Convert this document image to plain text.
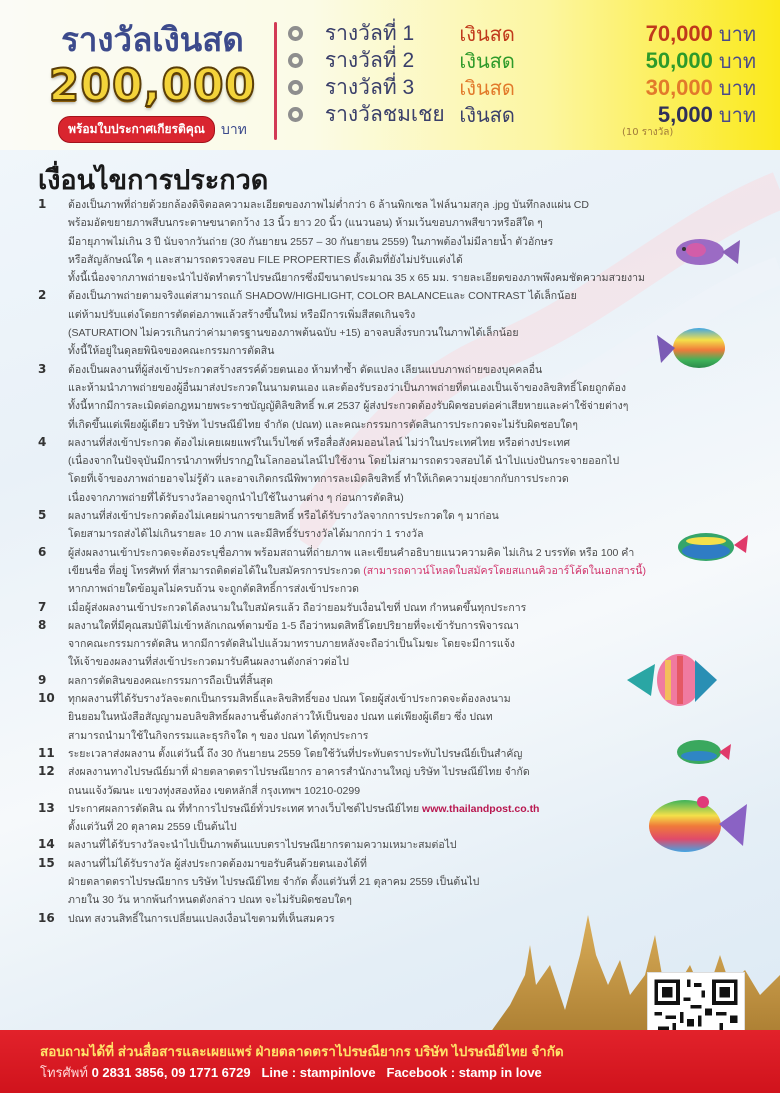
รางวัลเงินสด
200,000
พร้อมใบประกาศเกียรติคุณ	บาท
รางวัลที่ 1	เงินสด	70,000 บาท
รางวัลที่ 2	เงินสด	50,000 บาท
รางวัลที่ 3	เงินสด	30,000 บาท
รางวัลชมเชย เงินสด	5,000 บาท
(10 รางวัล)
เงื่อนไขการประกวด
1	ต้องเป็นภาพที่ถ่ายด้วยกล้องดิจิตอลความละเอียดของภาพไม่ต่ำกว่า 6 ล้านพิกเซล ไฟล์นามสกุล .jpg บันทึกลงแผ่น CD
พร้อมอัดขยายภาพสีบนกระดาษขนาดกว้าง 13 นิ้ว ยาว 20 นิ้ว (แนวนอน) ห้ามเว้นขอบภาพสีขาวหรือสีใด ๆ
มีอายุภาพไม่เกิน 3 ปี นับจากวันถ่าย (30 กันยายน 2557 – 30 กันยายน 2559) ในภาพต้องไม่มีลายน้ำ ตัวอักษร
หรือสัญลักษณ์ใด ๆ และสามารถตรวจสอบ FILE PROPERTIES ดั้งเดิมที่ยังไม่ปรับแต่งได้
ทั้งนี้เนื่องจากภาพถ่ายจะนำไปจัดทำตราไปรษณียากรซึ่งมีขนาดประมาณ 35 x 65 มม. รายละเอียดของภาพพึงคมชัดความสวยงาม
2	ต้องเป็นภาพถ่ายตามจริงแต่สามารถแก้ SHADOW/HIGHLIGHT, COLOR BALANCEและ CONTRAST ได้เล็กน้อย
แต่ห้ามปรับแต่งโดยการตัดต่อภาพแล้วสร้างขึ้นใหม่ หรือมีการเพิ่มสีสดเกินจริง
(SATURATION ไม่ควรเกินกว่าค่ามาตรฐานของภาพต้นฉบับ +15) อาจลบสิ่งรบกวนในภาพได้เล็กน้อย
ทั้งนี้ให้อยู่ในดุลยพินิจของคณะกรรมการตัดสิน
3	ต้องเป็นผลงานที่ผู้ส่งเข้าประกวดสร้างสรรค์ด้วยตนเอง ห้ามทำซ้ำ ดัดแปลง เลียนแบบภาพถ่ายของบุคคลอื่น
และห้ามนำภาพถ่ายของผู้อื่นมาส่งประกวดในนามตนเอง และต้องรับรองว่าเป็นภาพถ่ายที่ตนเองเป็นเจ้าของลิขสิทธิ์โดยถูกต้อง
ทั้งนี้หากมีการละเมิดต่อกฎหมายพระราชบัญญัติลิขสิทธิ์ พ.ศ 2537 ผู้ส่งประกวดต้องรับผิดชอบต่อค่าเสียหายและค่าใช้จ่ายต่างๆ
ที่เกิดขึ้นแต่เพียงผู้เดียว บริษัท ไปรษณีย์ไทย จำกัด (ปณท) และคณะกรรมการตัดสินการประกวดจะไม่รับผิดชอบใดๆ
4	ผลงานที่ส่งเข้าประกวด ต้องไม่เคยเผยแพร่ในเว็บไซต์ หรือสื่อสังคมออนไลน์ ไม่ว่าในประเทศไทย หรือต่างประเทศ
(เนื่องจากในปัจจุบันมีการนำภาพที่ปรากฏในโลกออนไลน์ไปใช้งาน โดยไม่สามารถตรวจสอบได้ นำไปแบ่งปันกระจายออกไป
โดยที่เจ้าของภาพถ่ายอาจไม่รู้ตัว และอาจเกิดกรณีพิพาทการละเมิดลิขสิทธิ์ ทำให้เกิดความยุ่งยากกับการประกวด
เนื่องจากภาพถ่ายที่ได้รับรางวัลอาจถูกนำไปใช้ในงานต่าง ๆ ก่อนการตัดสิน)
5	ผลงานที่ส่งเข้าประกวดต้องไม่เคยผ่านการขายสิทธิ์ หรือได้รับรางวัลจากการประกวดใด ๆ มาก่อน
โดยสามารถส่งได้ไม่เกินรายละ 10 ภาพ และมีสิทธิ์รับรางวัลได้มากกว่า 1 รางวัล
6	ผู้ส่งผลงานเข้าประกวดจะต้องระบุชื่อภาพ พร้อมสถานที่ถ่ายภาพ และเขียนคำอธิบายแนวความคิด ไม่เกิน 2 บรรทัด หรือ 100 คำ
เขียนชื่อ ที่อยู่ โทรศัพท์ ที่สามารถติดต่อได้ในใบสมัครการประกวด (สามารถดาวน์โหลดใบสมัครโดยสแกนคิวอาร์โค้ดในเอกสารนี้)
หากภาพถ่ายใดข้อมูลไม่ครบถ้วน จะถูกตัดสิทธิ์การส่งเข้าประกวด
7	เมื่อผู้ส่งผลงานเข้าประกวดได้ลงนามในใบสมัครแล้ว ถือว่ายอมรับเงื่อนไขที่ ปณท กำหนดขึ้นทุกประการ
8	ผลงานใดที่มีคุณสมบัติไม่เข้าหลักเกณฑ์ตามข้อ 1-5 ถือว่าหมดสิทธิ์โดยปริยายที่จะเข้ารับการพิจารณา
จากคณะกรรมการตัดสิน หากมีการตัดสินไปแล้วมาทราบภายหลังจะถือว่าเป็นโมฆะ โดยจะมีการแจ้ง
ให้เจ้าของผลงานที่ส่งเข้าประกวดมารับคืนผลงานดังกล่าวต่อไป
9	ผลการตัดสินของคณะกรรมการถือเป็นที่สิ้นสุด
10	ทุกผลงานที่ได้รับรางวัลจะตกเป็นกรรมสิทธิ์และลิขสิทธิ์ของ ปณท โดยผู้ส่งเข้าประกวดจะต้องลงนาม
ยินยอมในหนังสือสัญญามอบลิขสิทธิ์ผลงานชิ้นดังกล่าวให้เป็นของ ปณท แต่เพียงผู้เดียว ซึ่ง ปณท
สามารถนำมาใช้ในกิจกรรมและธุรกิจใด ๆ ของ ปณท ได้ทุกประการ
11	ระยะเวลาส่งผลงาน ตั้งแต่วันนี้ ถึง 30 กันยายน 2559 โดยใช้วันที่ประทับตราประทับไปรษณีย์เป็นสำคัญ
12	ส่งผลงานทางไปรษณีย์มาที่ ฝ่ายตลาดตราไปรษณียากร อาคารสำนักงานใหญ่ บริษัท ไปรษณีย์ไทย จำกัด
ถนนแจ้งวัฒนะ แขวงทุ่งสองห้อง เขตหลักสี่ กรุงเทพฯ 10210-0299
13	ประกาศผลการตัดสิน ณ ที่ทำการไปรษณีย์ทั่วประเทศ ทางเว็บไซต์ไปรษณีย์ไทย www.thailandpost.co.th
ตั้งแต่วันที่ 20 ตุลาคม 2559 เป็นต้นไป
14	ผลงานที่ได้รับรางวัลจะนำไปเป็นภาพต้นแบบตราไปรษณียากรตามความเหมาะสมต่อไป
15	ผลงานที่ไม่ได้รับรางวัล ผู้ส่งประกวดต้องมาขอรับคืนด้วยตนเองได้ที่
ฝ่ายตลาดตราไปรษณียากร บริษัท ไปรษณีย์ไทย จำกัด ตั้งแต่วันที่ 21 ตุลาคม 2559 เป็นต้นไป
ภายใน 30 วัน หากพ้นกำหนดดังกล่าว ปณท จะไม่รับผิดชอบใดๆ
16	ปณท สงวนสิทธิ์ในการเปลี่ยนแปลงเงื่อนไขตามที่เห็นสมควร
สอบถามได้ที่ ส่วนสื่อสารและเผยแพร่ ฝ่ายตลาดตราไปรษณียากร บริษัท ไปรษณีย์ไทย จำกัด
โทรศัพท์ 0 2831 3856, 09 1771 6729 Line : stampinlove Facebook : stamp in love
